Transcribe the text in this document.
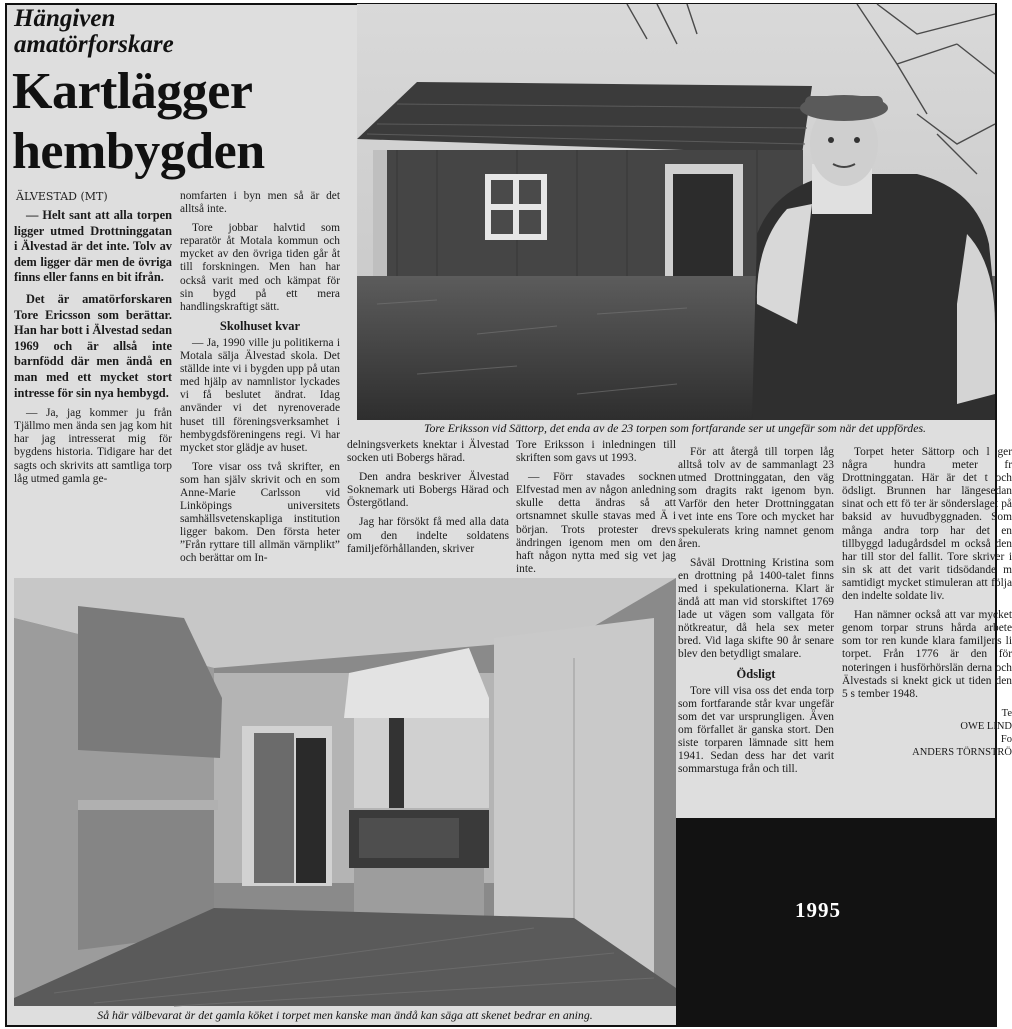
Hängiven
amatörforskare
Kartlägger
hembygden
ÄLVESTAD (MT)

— Helt sant att alla torpen ligger utmed Drottninggatan i Älvestad är det inte. Tolv av dem ligger där men de övriga finns eller fanns en bit ifrån.

Det är amatörforskaren Tore Ericsson som berättar. Han har bott i Älvestad sedan 1969 och är allså inte barnfödd där men ändå en man med ett mycket stort intresse för sin nya hembygd.

— Ja, jag kommer ju från Tjällmo men ända sen jag kom hit har jag intresserat mig för bygdens historia. Tidigare har det sagts och skrivits att samtliga torp låg utmed gamla ge-

nomfarten i byn men så är det alltså inte.

Tore jobbar halvtid som reparatör åt Motala kommun och mycket av den övriga tiden går åt till forskningen. Men han har också varit med och kämpat för sin bygd på ett mera handlingskraftigt sätt.

Skolhuset kvar

— Ja, 1990 ville ju politikerna i Motala sälja Älvestad skola. Det ställde inte vi i bygden upp på utan med hjälp av namnlistor lyckades vi få beslutet ändrat. Idag använder vi det nyrenoverade huset till föreningsverksamhet i hembygdsföreningens regi. Vi har mycket stor glädje av huset.

Tore visar oss två skrifter, en som han själv skrivit och en som Anne-Marie Carlsson vid Linköpings universitets samhällsvetenskapliga institution ligger bakom. Den första heter ”Från ryttare till allmän värnplikt” och berättar om In-

Tore Eriksson vid Sättorp, det enda av de 23 torpen som fortfarande ser ut ungefär som när det uppfördes.

delningsverkets knektar i Älvestad socken uti Bobergs härad.

Den andra beskriver Älvestad Soknemark uti Bobergs Härad och Östergötland.

Jag har försökt få med alla data om den indelte soldatens familjeförhållanden, skriver

Tore Eriksson i inledningen till skriften som gavs ut 1993.

— Förr stavades socknen Elfvestad men av någon anledning skulle detta ändras så att ortsnamnet skulle stavas med Ä i början. Trots protester drevs ändringen igenom men om den haft någon nytta med sig vet jag inte.

För att återgå till torpen låg alltså tolv av de sammanlagt 23 utmed Drottninggatan, den väg som dragits rakt igenom byn. Varför den heter Drottninggatan vet inte ens Tore och mycket har spekulerats kring namnet genom åren.

Såväl Drottning Kristina som en drottning på 1400-talet finns med i spekulationerna. Klart är ändå att man vid storskiftet 1769 lade ut vägen som vallgata för nötkreatur, då hela sex meter bred. Vid laga skifte 90 år senare blev den betydligt smalare.

Ödsligt

Tore vill visa oss det enda torp som fortfarande står kvar ungefär som det var ursprungligen. Även om förfallet är ganska stort. Den siste torparen lämnade sitt hem 1941. Sedan dess har det varit sommarstuga från och till.

Torpet heter Sättorp och l ger några hundra meter fr Drottninggatan. Här är det t och ödsligt. Brunnen har längesedan sinat och ett fö ter är sönderslaget på baksid av huvudbyggnaden. Som många andra torp har det en tillbyggd ladugårdsdel m också den har till stor del fallit. Tore skriver i sin sk att det varit tidsödande m samtidigt mycket stimuleran att följa den indelte soldate liv.

Han nämner också att var mycket genom torpar struns hårda arbete som tor ren kunde klara familjens li torpet. Från 1776 är den för noteringen i husförhörslän derna och Älvestads si knekt gick ut tiden den 5 s tember 1948.

Te

OWE LIND

Fo

ANDERS TÖRNSTRÖ

Så här välbevarat är det gamla köket i torpet men kanske man ändå kan säga att skenet bedrar en aning.
1995
